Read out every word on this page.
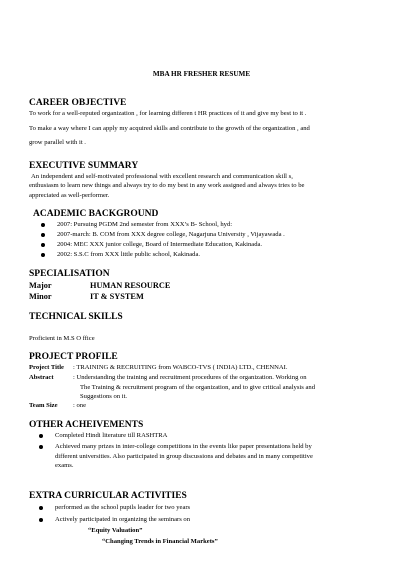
MBA HR FRESHER RESUME
CAREER OBJECTIVE
To work for a well-reputed organization , for learning differen t HR practices of it and give my best to it .
To make a way where I can apply my acquired skills and contribute to the growth of the organization , and
grow parallel with it .
EXECUTIVE SUMMARY
An independent and self-motivated professional with excellent research and communication skill s,
enthusiasm to learn new things and always try to do my best in any work assigned and always tries to be
appreciated as well-performer.
ACADEMIC BACKGROUND
2007: Pursuing PGDM 2nd semester from XXX’s B- School, hyd:
2007-march: B. COM from XXX degree college, Nagarjuna University , Vijayawada .
2004: MEC XXX junior college, Board of Intermediate Education, Kakinada.
2002: S.S.C from XXX little public school, Kakinada.
SPECIALISATION
Major	HUMAN RESOURCE
Minor	IT & SYSTEM
TECHNICAL SKILLS
Proficient in M.S O ffice
PROJECT PROFILE
Project Title : TRAINING & RECRUITING from WABCO-TVS ( INDIA) LTD., CHENNAI.
Abstract	: Understanding the training and recruitment procedures of the organization. Working on
The Training & recruitment program of the organization, and to give critical analysis and
Suggestions on it.
Team Size : one
OTHER ACHEIVEMENTS
Completed Hindi literature till RASHTRA
Achieved many prizes in inter-college competitions in the events like paper presentations held by
different universities. Also participated in group discussions and debates and in many competitive
exams.
EXTRA CURRICULAR ACTIVITIES
performed as the school pupils leader for two years
Actively participated in organizing the seminars on
“Equity Valuation”
“Changing Trends in Financial Markets”
